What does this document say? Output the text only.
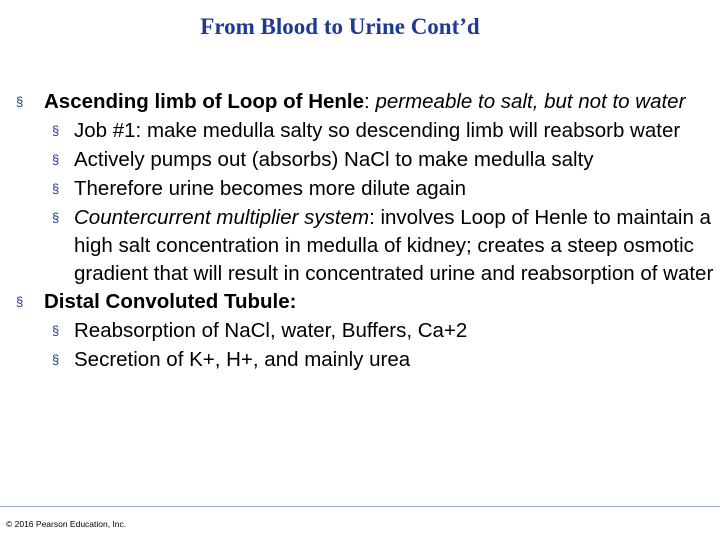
From Blood to Urine Cont’d
§ Ascending limb of Loop of Henle: permeable to salt, but not to water
§ Job #1: make medulla salty so descending limb will reabsorb water
§ Actively pumps out (absorbs) NaCl to make medulla salty
§ Therefore urine becomes more dilute again
§ Countercurrent multiplier system: involves Loop of Henle to maintain a high salt concentration in medulla of kidney; creates a steep osmotic gradient that will result in concentrated urine and reabsorption of water
§ Distal Convoluted Tubule:
§ Reabsorption of NaCl, water, Buffers, Ca+2
§ Secretion of K+, H+, and mainly urea
© 2016 Pearson Education, Inc.
